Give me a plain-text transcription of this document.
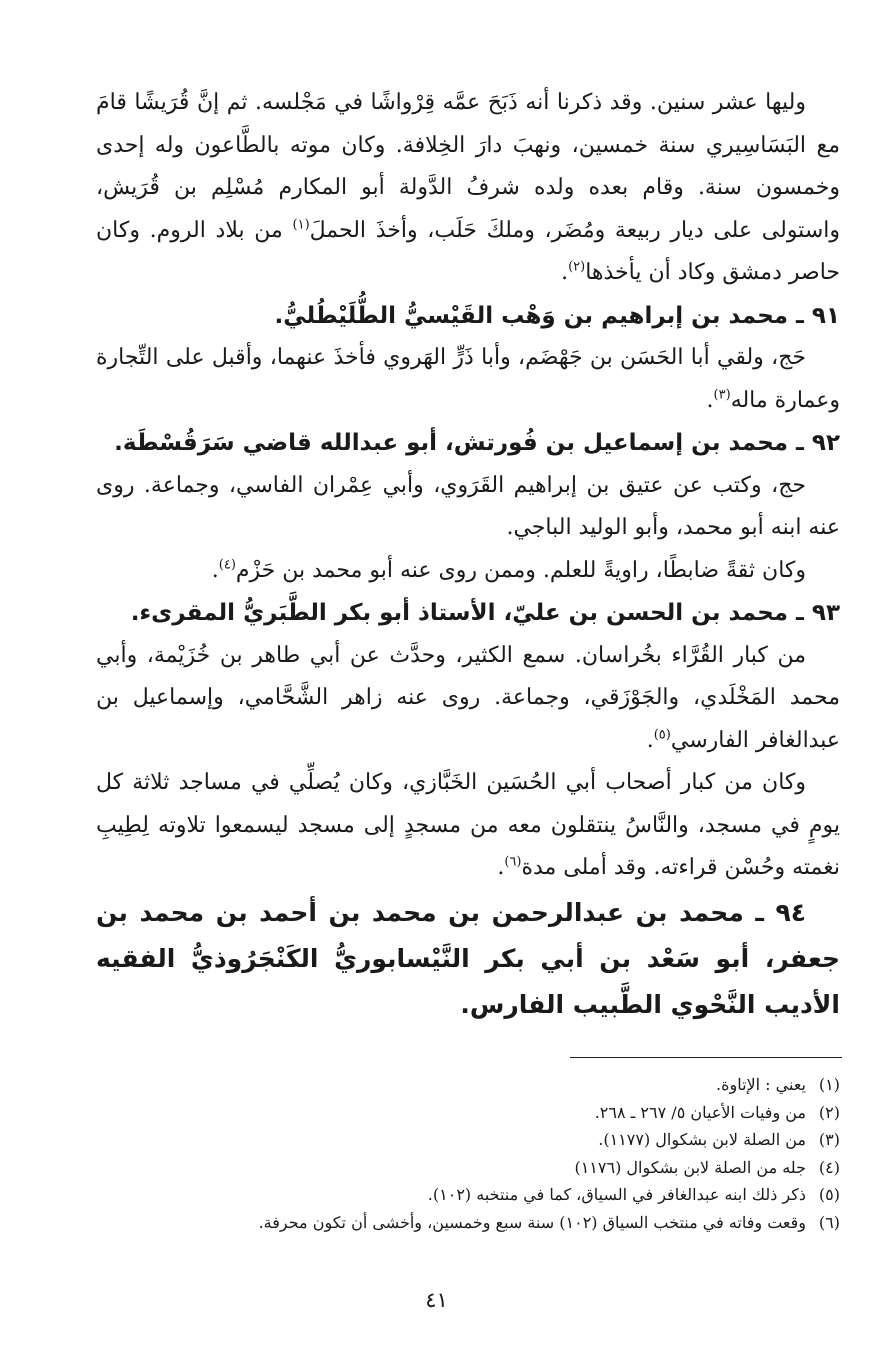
وليها عشر سنين. وقد ذكرنا أنه ذَبَحَ عمَّه قِرْواشًا في مَجْلسه. ثم إنَّ قُرَيشًا قامَ مع البَسَاسِيري سنة خمسين، ونهبَ دارَ الخِلافة. وكان موته بالطَّاعون وله إحدى وخمسون سنة. وقام بعده ولده شرفُ الدَّولة أبو المكارم مُسْلِم بن قُرَيش، واستولى على ديار ربيعة ومُضَر، وملكَ حَلَب، وأخذَ الحملَ$^{(١)}$ من بلاد الروم. وكان حاصر دمشق وكاد أن يأخذها$^{(٢)}$.

٩١ ـ محمد بن إبراهيم بن وَهْب القَيْسيُّ الطُّلَيْطُليُّ.

حَج، ولقي أبا الحَسَن بن جَهْضَم، وأبا ذَرٍّ الهَروي فأخذَ عنهما، وأقبل على التِّجارة وعمارة ماله$^{(٣)}$.

٩٢ ـ محمد بن إسماعيل بن فُورتش، أبو عبدالله قاضي سَرَقُسْطَة.

حج، وكتب عن عتيق بن إبراهيم القَرَوي، وأبي عِمْران الفاسي، وجماعة. روى عنه ابنه أبو محمد، وأبو الوليد الباجي.

وكان ثقةً ضابطًا، راويةً للعلم. وممن روى عنه أبو محمد بن حَزْم$^{(٤)}$.

٩٣ ـ محمد بن الحسن بن عليّ، الأستاذ أبو بكر الطَّبَريُّ المقرىء.

من كبار القُرَّاء بخُراسان. سمع الكثير، وحدَّث عن أبي طاهر بن خُزَيْمة، وأبي محمد المَخْلَدي، والجَوْزَقي، وجماعة. روى عنه زاهر الشَّحَّامي، وإسماعيل بن عبدالغافر الفارسي$^{(٥)}$.

وكان من كبار أصحاب أبي الحُسَين الخَبَّازي، وكان يُصلِّي في مساجد ثلاثة كل يومٍ في مسجد، والنَّاسُ ينتقلون معه من مسجدٍ إلى مسجد ليسمعوا تلاوته لِطِيبِ نغمته وحُسْن قراءته. وقد أملى مدة$^{(٦)}$.

٩٤ ـ محمد بن عبدالرحمن بن محمد بن أحمد بن محمد بن جعفر، أبو سَعْد بن أبي بكر النَّيْسابوريُّ الكَنْجَرُوذيُّ الفقيه الأديب النَّحْوي الطَّبيب الفارس.

(١)يعني : الإتاوة.

(٢)من وفيات الأعيان ٥/ ٢٦٧ ـ ٢٦٨.

(٣)من الصلة لابن بشكوال (١١٧٧).

(٤)جله من الصلة لابن بشكوال (١١٧٦)

(٥)ذكر ذلك ابنه عبدالغافر في السياق، كما في منتخبه (١٠٢).

(٦)وقعت وفاته في منتخب السياق (١٠٢) سنة سبع وخمسين، وأخشى أن تكون محرفة.

٤١
